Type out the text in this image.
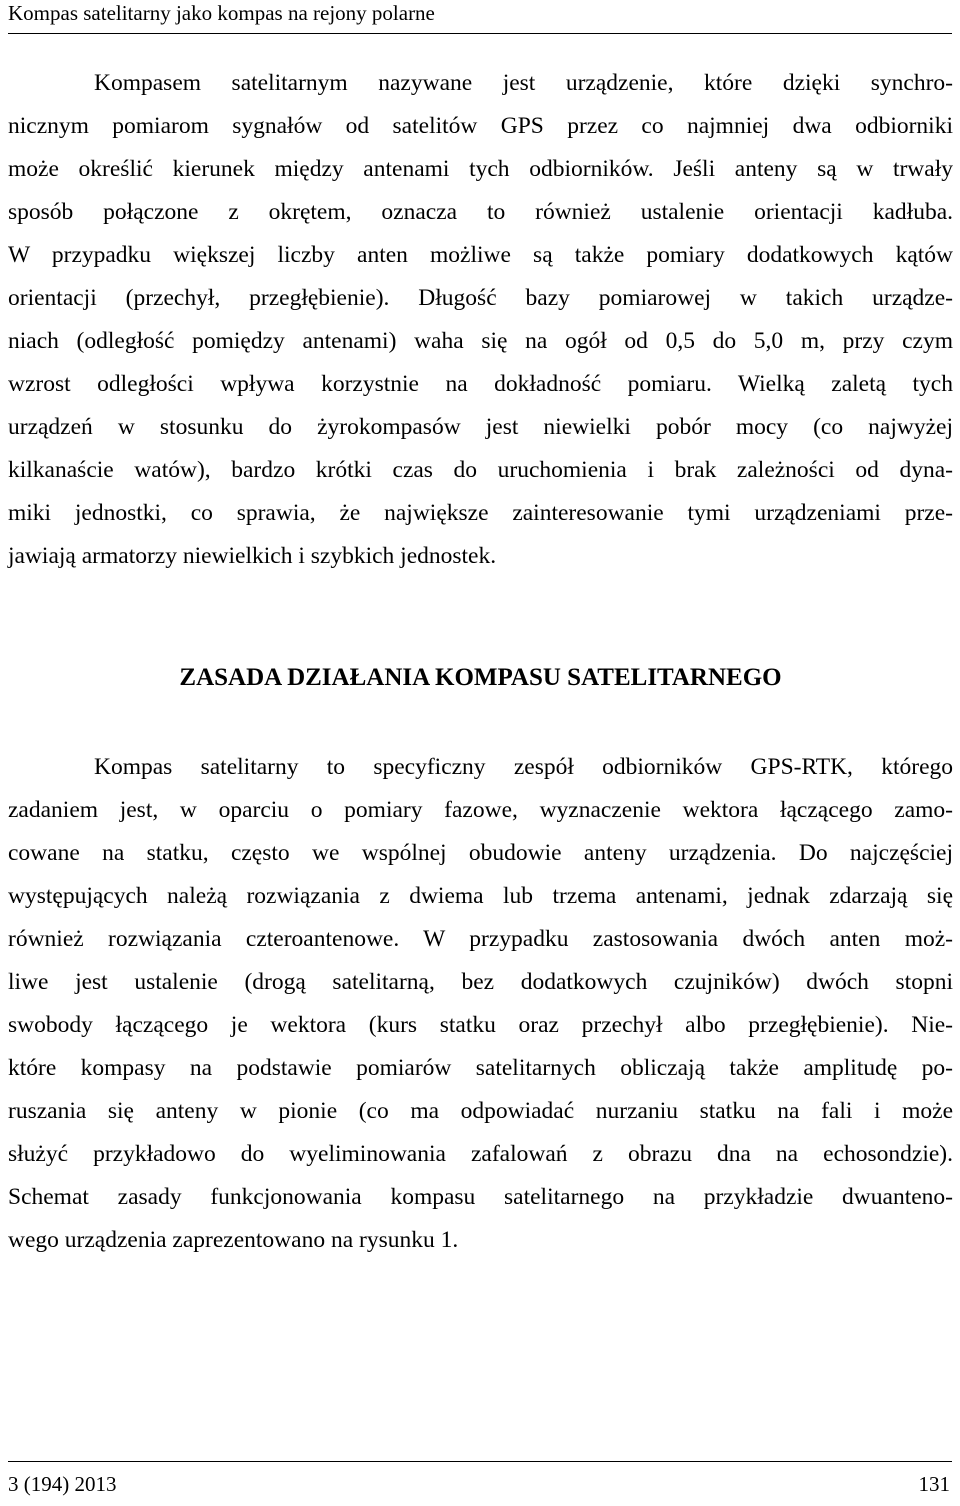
Kompas satelitarny jako kompas na rejony polarne
Kompasem satelitarnym nazywane jest urządzenie, które dzięki synchro-
nicznym pomiarom sygnałów od satelitów GPS przez co najmniej dwa odbiorniki
może określić kierunek między antenami tych odbiorników. Jeśli anteny są w trwały
sposób połączone z okrętem, oznacza to również ustalenie orientacji kadłuba.
W przypadku większej liczby anten możliwe są także pomiary dodatkowych kątów
orientacji (przechył, przegłębienie). Długość bazy pomiarowej w takich urządze-
niach (odległość pomiędzy antenami) waha się na ogół od 0,5 do 5,0 m, przy czym
wzrost odległości wpływa korzystnie na dokładność pomiaru. Wielką zaletą tych
urządzeń w stosunku do żyrokompasów jest niewielki pobór mocy (co najwyżej
kilkanaście watów), bardzo krótki czas do uruchomienia i brak zależności od dyna-
miki jednostki, co sprawia, że największe zainteresowanie tymi urządzeniami prze-
jawiają armatorzy niewielkich i szybkich jednostek.
ZASADA DZIAŁANIA KOMPASU SATELITARNEGO
Kompas satelitarny to specyficzny zespół odbiorników GPS-RTK, którego
zadaniem jest, w oparciu o pomiary fazowe, wyznaczenie wektora łączącego zamo-
cowane na statku, często we wspólnej obudowie anteny urządzenia. Do najczęściej
występujących należą rozwiązania z dwiema lub trzema antenami, jednak zdarzają się
również rozwiązania czteroantenowe. W przypadku zastosowania dwóch anten moż-
liwe jest ustalenie (drogą satelitarną, bez dodatkowych czujników) dwóch stopni
swobody łączącego je wektora (kurs statku oraz przechył albo przegłębienie). Nie-
które kompasy na podstawie pomiarów satelitarnych obliczają także amplitudę po-
ruszania się anteny w pionie (co ma odpowiadać nurzaniu statku na fali i może
służyć przykładowo do wyeliminowania zafalowań z obrazu dna na echosondzie).
Schemat zasady funkcjonowania kompasu satelitarnego na przykładzie dwuanteno-
wego urządzenia zaprezentowano na rysunku 1.
3 (194) 2013	131
